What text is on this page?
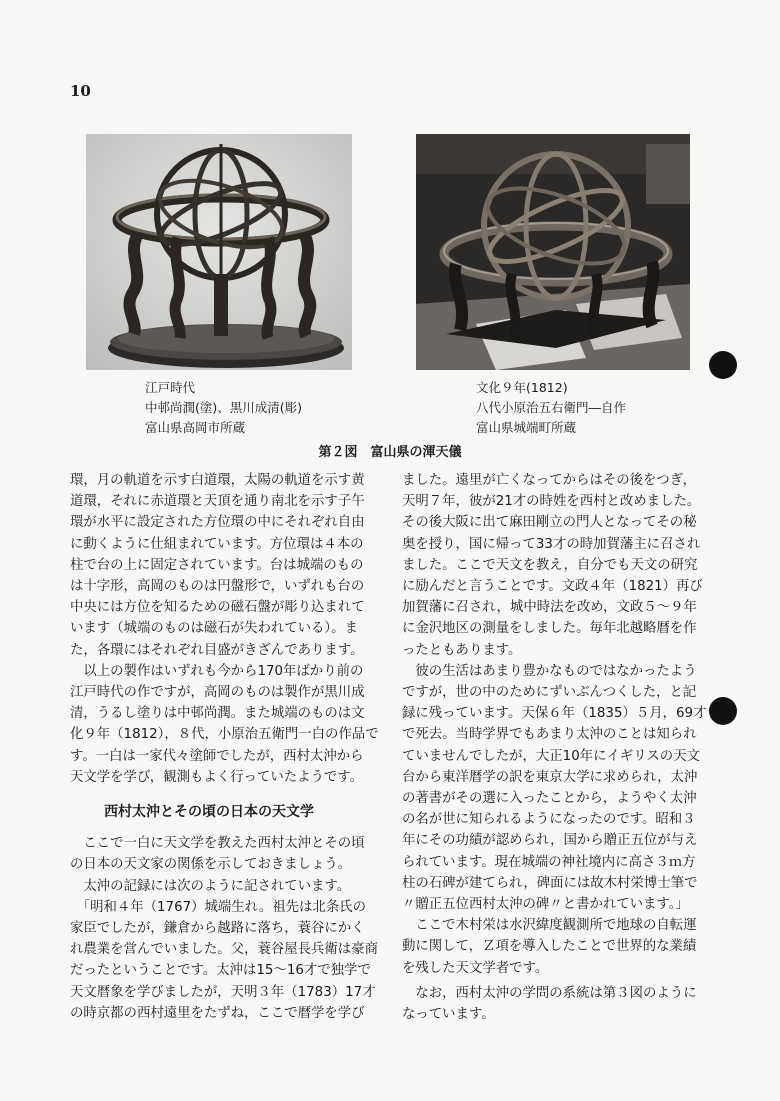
10
江戸時代
中邨尚潤(塗)、黒川成清(彫)
富山県高岡市所蔵
文化９年(1812)
八代小原治五右衛門―自作
富山県城端町所蔵
第２図　富山県の渾天儀

環，月の軌道を示す白道環，太陽の軌道を示す黄
道環，それに赤道環と天頂を通り南北を示す子午
環が水平に設定された方位環の中にそれぞれ自由
に動くように仕組まれています。方位環は４本の
柱で台の上に固定されています。台は城端のもの
は十字形，高岡のものは円盤形で，いずれも台の
中央には方位を知るための磁石盤が彫り込まれて
います（城端のものは磁石が失われている）。ま
た，各環にはそれぞれ目盛がきざんであります。

　以上の製作はいずれも今から170年ばかり前の
江戸時代の作ですが，高岡のものは製作が黒川成
清，うるし塗りは中邨尚潤。また城端のものは文
化９年（1812），８代，小原治五衛門一白の作品で
す。一白は一家代々塗師でしたが，西村太沖から
天文学を学び，観測もよく行っていたようです。

西村太沖とその頃の日本の天文学

　ここで一白に天文学を教えた西村太沖とその頃
の日本の天文家の関係を示しておきましょう。
　太沖の記録には次のように記されています。
　「明和４年（1767）城端生れ。祖先は北条氏の
家臣でしたが，鎌倉から越路に落ち，蓑谷にかく
れ農業を営んでいました。父，蓑谷屋長兵衛は豪商
だったということです。太沖は15～16才で独学で
天文暦象を学びましたが，天明３年（1783）17才
の時京都の西村遠里をたずね，ここで暦学を学び

ました。遠里が亡くなってからはその後をつぎ，
天明７年，彼が21才の時姓を西村と改めました。
その後大阪に出て麻田剛立の門人となってその秘
奥を授り，国に帰って33才の時加賀藩主に召され
ました。ここで天文を教え，自分でも天文の研究
に励んだと言うことです。文政４年（1821）再び
加賀藩に召され，城中時法を改め，文政５～９年
に金沢地区の測量をしました。毎年北越略暦を作
ったともあります。

　彼の生活はあまり豊かなものではなかったよう
ですが，世の中のためにずいぶんつくした，と記
録に残っています。天保６年（1835）５月，69才
で死去。当時学界でもあまり太沖のことは知られ
ていませんでしたが，大正10年にイギリスの天文
台から東洋暦学の訳を東京大学に求められ，太沖
の著書がその選に入ったことから，ようやく太沖
の名が世に知られるようになったのです。昭和３
年にその功績が認められ，国から贈正五位が与え
られています。現在城端の神社境内に高さ３ｍ方
柱の石碑が建てられ，碑面には故木村栄博士筆で
〃贈正五位西村太沖の碑〃と書かれています。」

　ここで木村栄は水沢緯度観測所で地球の自転運
動に関して，Ｚ項を導入したことで世界的な業績
を残した天文学者です。

　なお，西村太沖の学問の系統は第３図のように
なっています。
